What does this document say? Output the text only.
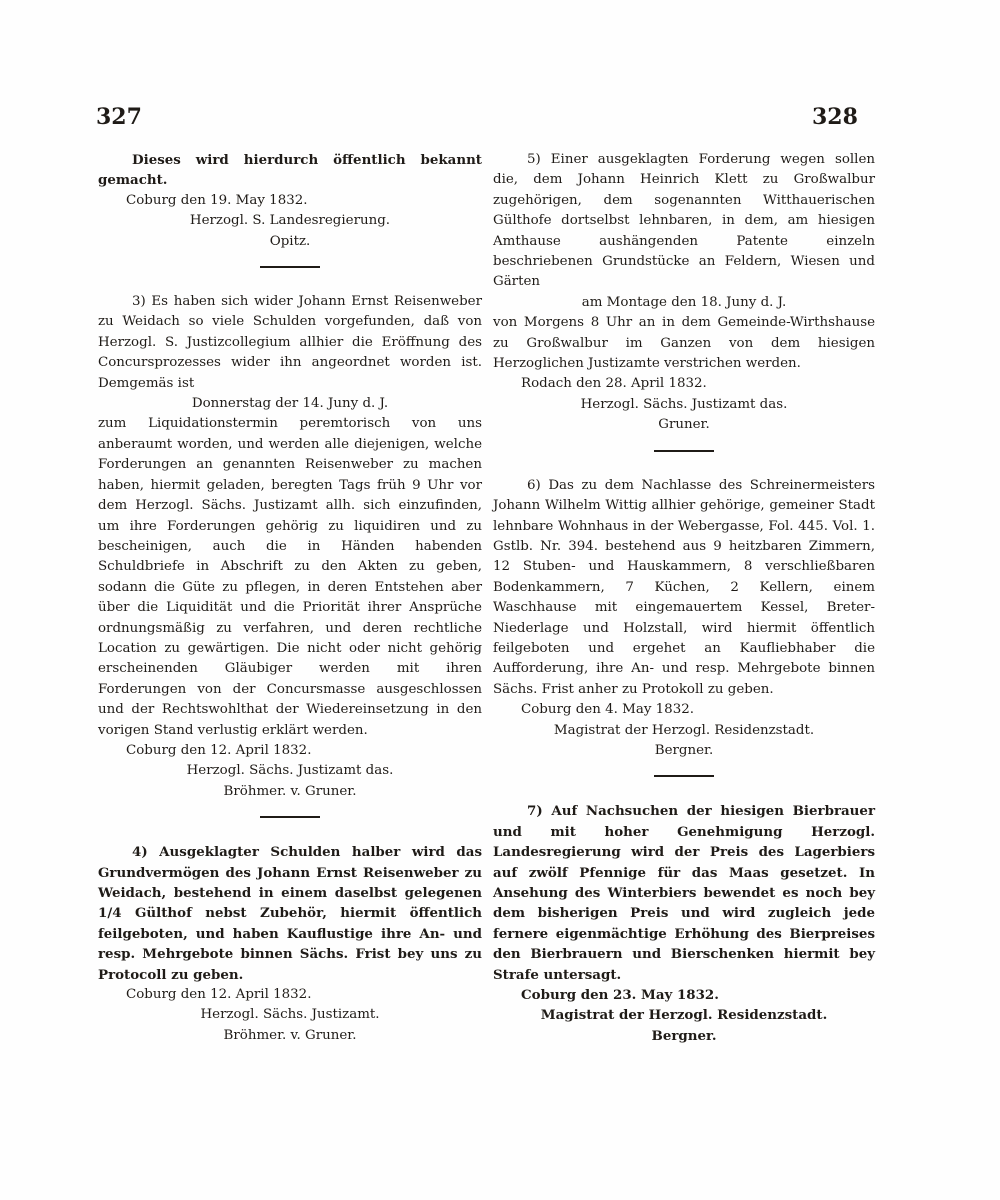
327	328

Dieses wird hierdurch öffentlich bekannt gemacht.

Coburg den 19. May 1832.

Herzogl. S. Landesregierung.

Opitz.

3) Es haben sich wider Johann Ernst Reisenweber zu Weidach so viele Schulden vorgefunden, daß von Herzogl. S. Justizcollegium allhier die Eröffnung des Concursprozesses wider ihn angeordnet worden ist. Demgemäs ist

Donnerstag der 14. Juny d. J.

zum Liquidationstermin peremtorisch von uns anberaumt worden, und werden alle diejenigen, welche Forderungen an genannten Reisenweber zu machen haben, hiermit geladen, beregten Tags früh 9 Uhr vor dem Herzogl. Sächs. Justizamt allh. sich einzufinden, um ihre Forderungen gehörig zu liquidiren und zu bescheinigen, auch die in Händen habenden Schuldbriefe in Abschrift zu den Akten zu geben, sodann die Güte zu pflegen, in deren Entstehen aber über die Liquidität und die Priorität ihrer Ansprüche ordnungsmäßig zu verfahren, und deren rechtliche Location zu gewärtigen. Die nicht oder nicht gehörig erscheinenden Gläubiger werden mit ihren Forderungen von der Concursmasse ausgeschlossen und der Rechtswohlthat der Wiedereinsetzung in den vorigen Stand verlustig erklärt werden.

Coburg den 12. April 1832.

Herzogl. Sächs. Justizamt das.

Bröhmer. v. Gruner.

4) Ausgeklagter Schulden halber wird das Grundvermögen des Johann Ernst Reisenweber zu Weidach, bestehend in einem daselbst gelegenen 1/4 Gülthof nebst Zubehör, hiermit öffentlich feilgeboten, und haben Kauflustige ihre An- und resp. Mehrgebote binnen Sächs. Frist bey uns zu Protocoll zu geben.

Coburg den 12. April 1832.

Herzogl. Sächs. Justizamt.

Bröhmer. v. Gruner.

5) Einer ausgeklagten Forderung wegen sollen die, dem Johann Heinrich Klett zu Großwalbur zugehörigen, dem sogenannten Witthauerischen Gülthofe dortselbst lehnbaren, in dem, am hiesigen Amthause aushängenden Patente einzeln beschriebenen Grundstücke an Feldern, Wiesen und Gärten

am Montage den 18. Juny d. J.

von Morgens 8 Uhr an in dem Gemeinde-Wirthshause zu Großwalbur im Ganzen von dem hiesigen Herzoglichen Justizamte verstrichen werden.

Rodach den 28. April 1832.

Herzogl. Sächs. Justizamt das.

Gruner.

6) Das zu dem Nachlasse des Schreinermeisters Johann Wilhelm Wittig allhier gehörige, gemeiner Stadt lehnbare Wohnhaus in der Webergasse, Fol. 445. Vol. 1. Gstlb. Nr. 394. bestehend aus 9 heitzbaren Zimmern, 12 Stuben- und Hauskammern, 8 verschließbaren Bodenkammern, 7 Küchen, 2 Kellern, einem Waschhause mit eingemauertem Kessel, Breter-Niederlage und Holzstall, wird hiermit öffentlich feilgeboten und ergehet an Kaufliebhaber die Aufforderung, ihre An- und resp. Mehrgebote binnen Sächs. Frist anher zu Protokoll zu geben.

Coburg den 4. May 1832.

Magistrat der Herzogl. Residenzstadt.

Bergner.

7) Auf Nachsuchen der hiesigen Bierbrauer und mit hoher Genehmigung Herzogl. Landesregierung wird der Preis des Lagerbiers auf zwölf Pfennige für das Maas gesetzet. In Ansehung des Winterbiers bewendet es noch bey dem bisherigen Preis und wird zugleich jede fernere eigenmächtige Erhöhung des Bierpreises den Bierbrauern und Bierschenken hiermit bey Strafe untersagt.

Coburg den 23. May 1832.

Magistrat der Herzogl. Residenzstadt.

Bergner.
